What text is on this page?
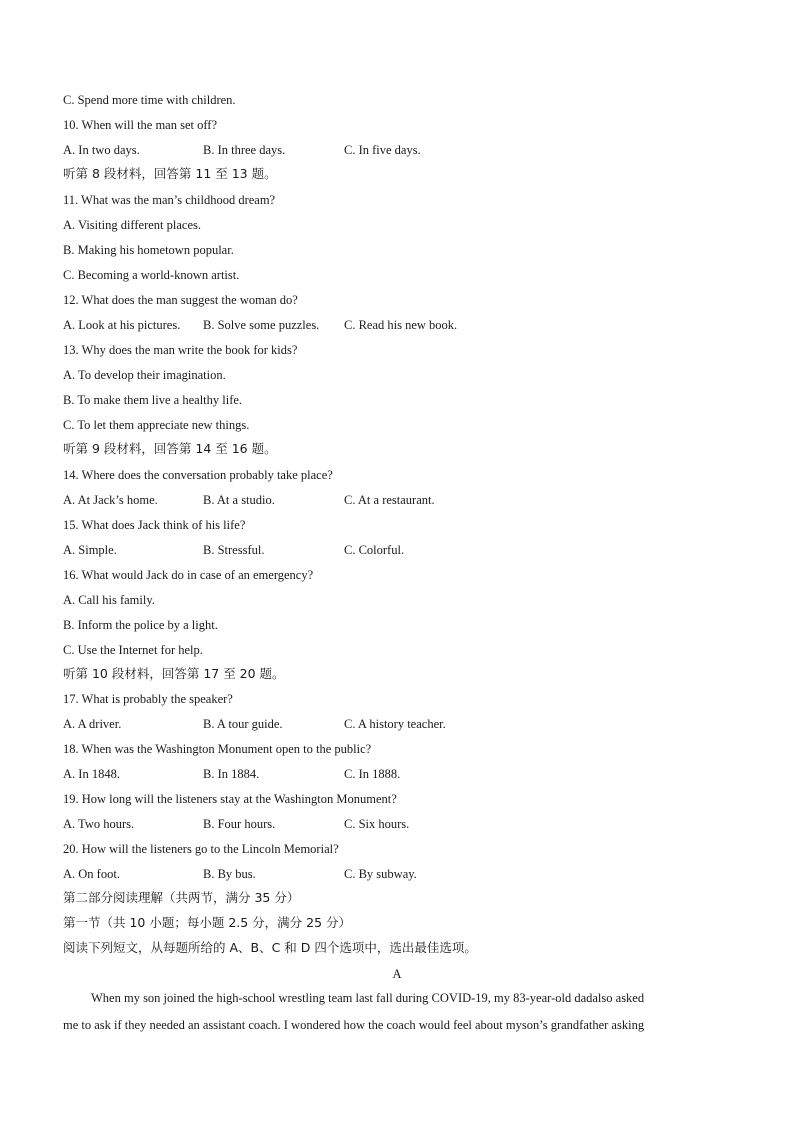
C. Spend more time with children.
10. When will the man set off?
A. In two days.	B. In three days.	C. In five days.
听第 8 段材料，回答第 11 至 13 题。
11. What was the man’s childhood dream?
A. Visiting different places.
B. Making his hometown popular.
C. Becoming a world-known artist.
12. What does the man suggest the woman do?
A. Look at his pictures. B. Solve some puzzles. C. Read his new book.
13. Why does the man write the book for kids?
A. To develop their imagination.
B. To make them live a healthy life.
C. To let them appreciate new things.
听第 9 段材料，回答第 14 至 16 题。
14. Where does the conversation probably take place?
A. At Jack’s home.	B. At a studio.	C. At a restaurant.
15. What does Jack think of his life?
A. Simple.	B. Stressful.	C. Colorful.
16. What would Jack do in case of an emergency?
A. Call his family.
B. Inform the police by a light.
C. Use the Internet for help.
听第 10 段材料，回答第 17 至 20 题。
17. What is probably the speaker?
A. A driver.	B. A tour guide.	C. A history teacher.
18. When was the Washington Monument open to the public?
A. In 1848.	B. In 1884.	C. In 1888.
19. How long will the listeners stay at the Washington Monument?
A. Two hours.	B. Four hours.	C. Six hours.
20. How will the listeners go to the Lincoln Memorial?
A. On foot.	B. By bus.	C. By subway.
第二部分阅读理解（共两节，满分 35 分）
第一节（共 10 小题；每小题 2.5 分，满分 25 分）
阅读下列短文，从每题所给的 A、B、C 和 D 四个选项中，选出最佳选项。
A
When my son joined the high-school wrestling team last fall during COVID-19, my 83-year-old dadalso asked
me to ask if they needed an assistant coach. I wondered how the coach would feel about myson’s grandfather asking
